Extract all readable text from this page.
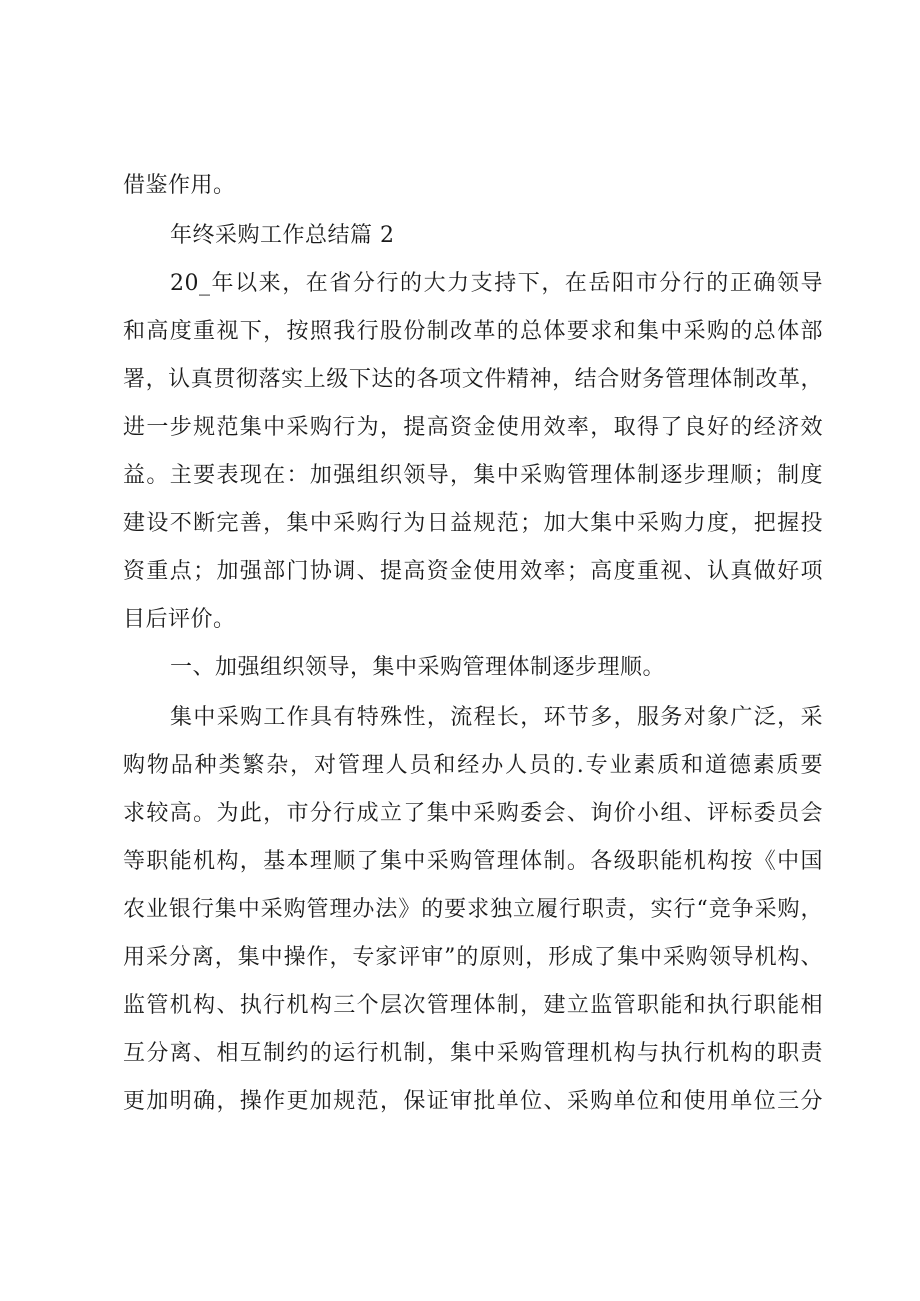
借鉴作用。
年终采购工作总结篇 2
20_年以来，在省分行的大力支持下，在岳阳市分行的正确领导
和高度重视下，按照我行股份制改革的总体要求和集中采购的总体部
署，认真贯彻落实上级下达的各项文件精神，结合财务管理体制改革，
进一步规范集中采购行为，提高资金使用效率，取得了良好的经济效
益。主要表现在：加强组织领导，集中采购管理体制逐步理顺；制度
建设不断完善，集中采购行为日益规范；加大集中采购力度，把握投
资重点；加强部门协调、提高资金使用效率；高度重视、认真做好项
目后评价。
一、加强组织领导，集中采购管理体制逐步理顺。
集中采购工作具有特殊性，流程长，环节多，服务对象广泛，采
购物品种类繁杂，对管理人员和经办人员的.专业素质和道德素质要
求较高。为此，市分行成立了集中采购委会、询价小组、评标委员会
等职能机构，基本理顺了集中采购管理体制。各级职能机构按《中国
农业银行集中采购管理办法》的要求独立履行职责，实行“竞争采购，
用采分离，集中操作，专家评审”的原则，形成了集中采购领导机构、
监管机构、执行机构三个层次管理体制，建立监管职能和执行职能相
互分离、相互制约的运行机制，集中采购管理机构与执行机构的职责
更加明确，操作更加规范，保证审批单位、采购单位和使用单位三分
